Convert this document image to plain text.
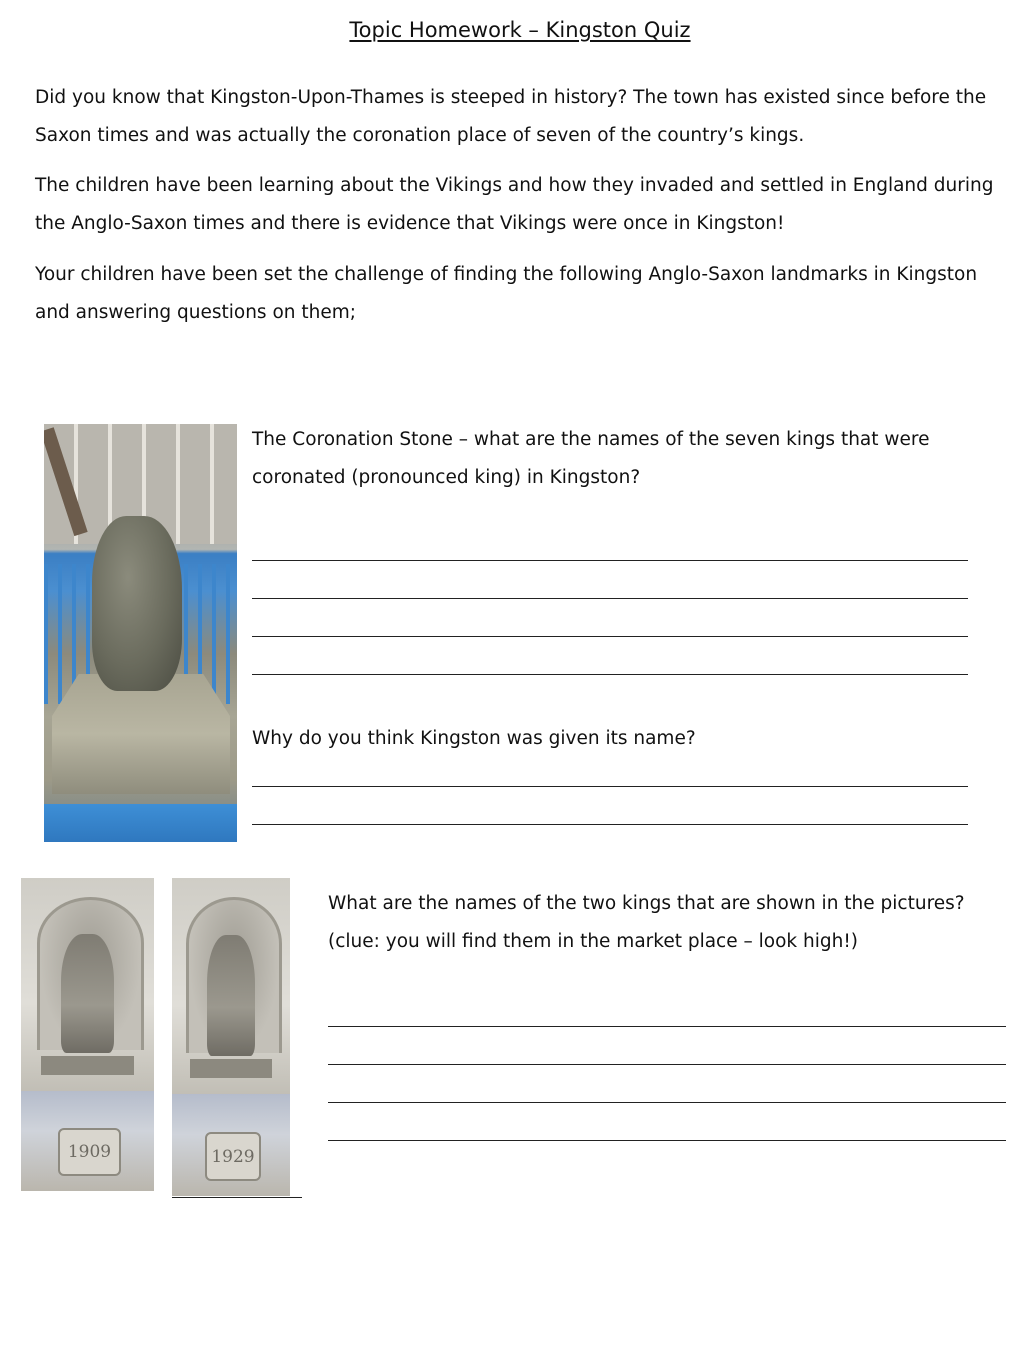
Topic Homework – Kingston Quiz

Did you know that Kingston-Upon-Thames is steeped in history? The town has existed since before the Saxon times and was actually the coronation place of seven of the country’s kings.

The children have been learning about the Vikings and how they invaded and settled in England during the Anglo-Saxon times and there is evidence that Vikings were once in Kingston!

Your children have been set the challenge of finding the following Anglo-Saxon landmarks in Kingston and answering questions on them;

The Coronation Stone – what are the names of the seven kings that were coronated (pronounced king) in Kingston?

Why do you think Kingston was given its name?

1909	1929

What are the names of the two kings that are shown in the pictures? (clue: you will find them in the market place – look high!)
